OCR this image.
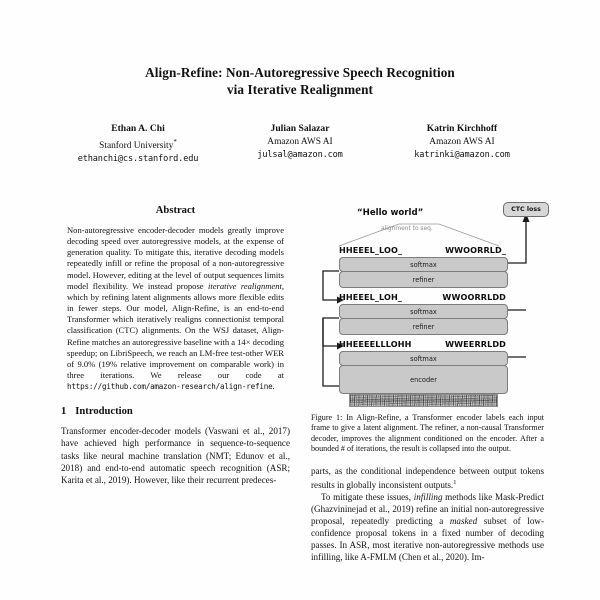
Align-Refine: Non-Autoregressive Speech Recognition
via Iterative Realignment
Ethan A. Chi
Stanford University*
ethanchi@cs.stanford.edu
Julian Salazar
Amazon AWS AI
julsal@amazon.com
Katrin Kirchhoff
Amazon AWS AI
katrinki@amazon.com
Abstract

Non-autoregressive encoder-decoder models greatly improve decoding speed over autoregressive models, at the expense of generation quality. To mitigate this, iterative decoding models repeatedly infill or refine the proposal of a non-autoregressive model. However, editing at the level of output sequences limits model flexibility. We instead propose iterative realignment, which by refining latent alignments allows more flexible edits in fewer steps. Our model, Align-Refine, is an end-to-end Transformer which iteratively realigns connectionist temporal classification (CTC) alignments. On the WSJ dataset, Align-Refine matches an autoregressive baseline with a 14× decoding speedup; on LibriSpeech, we reach an LM-free test-other WER of 9.0% (19% relative improvement on comparable work) in three iterations. We release our code at https://github.com/amazon-research/align-refine.

1 Introduction

Transformer encoder-decoder models (Vaswani et al., 2017) have achieved high performance in sequence-to-sequence tasks like neural machine translation (NMT; Edunov et al., 2018) and end-to-end automatic speech recognition (ASR; Karita et al., 2019). However, like their recurrent predeces-

“Hello world”
alignment to seq.
CTC loss
HHEEEL_LOO_	WWOORRLD_
softmax
refiner
HHEEEL_LOH_	WWOORRLDD
softmax
refiner
HHEEEELLLOHH	WWEERRLDD
softmax
encoder

Figure 1: In Align-Refine, a Transformer encoder labels each input frame to give a latent alignment. The refiner, a non-causal Transformer decoder, improves the alignment conditioned on the encoder. After a bounded # of iterations, the result is collapsed into the output.

parts, as the conditional independence between output tokens results in globally inconsistent outputs.$^1$

To mitigate these issues, infilling methods like Mask-Predict (Ghazvininejad et al., 2019) refine an initial non-autoregressive proposal, repeatedly predicting a masked subset of low-confidence proposal tokens in a fixed number of decoding passes. In ASR, most iterative non-autoregressive methods use infilling, like A-FMLM (Chen et al., 2020). Im-
